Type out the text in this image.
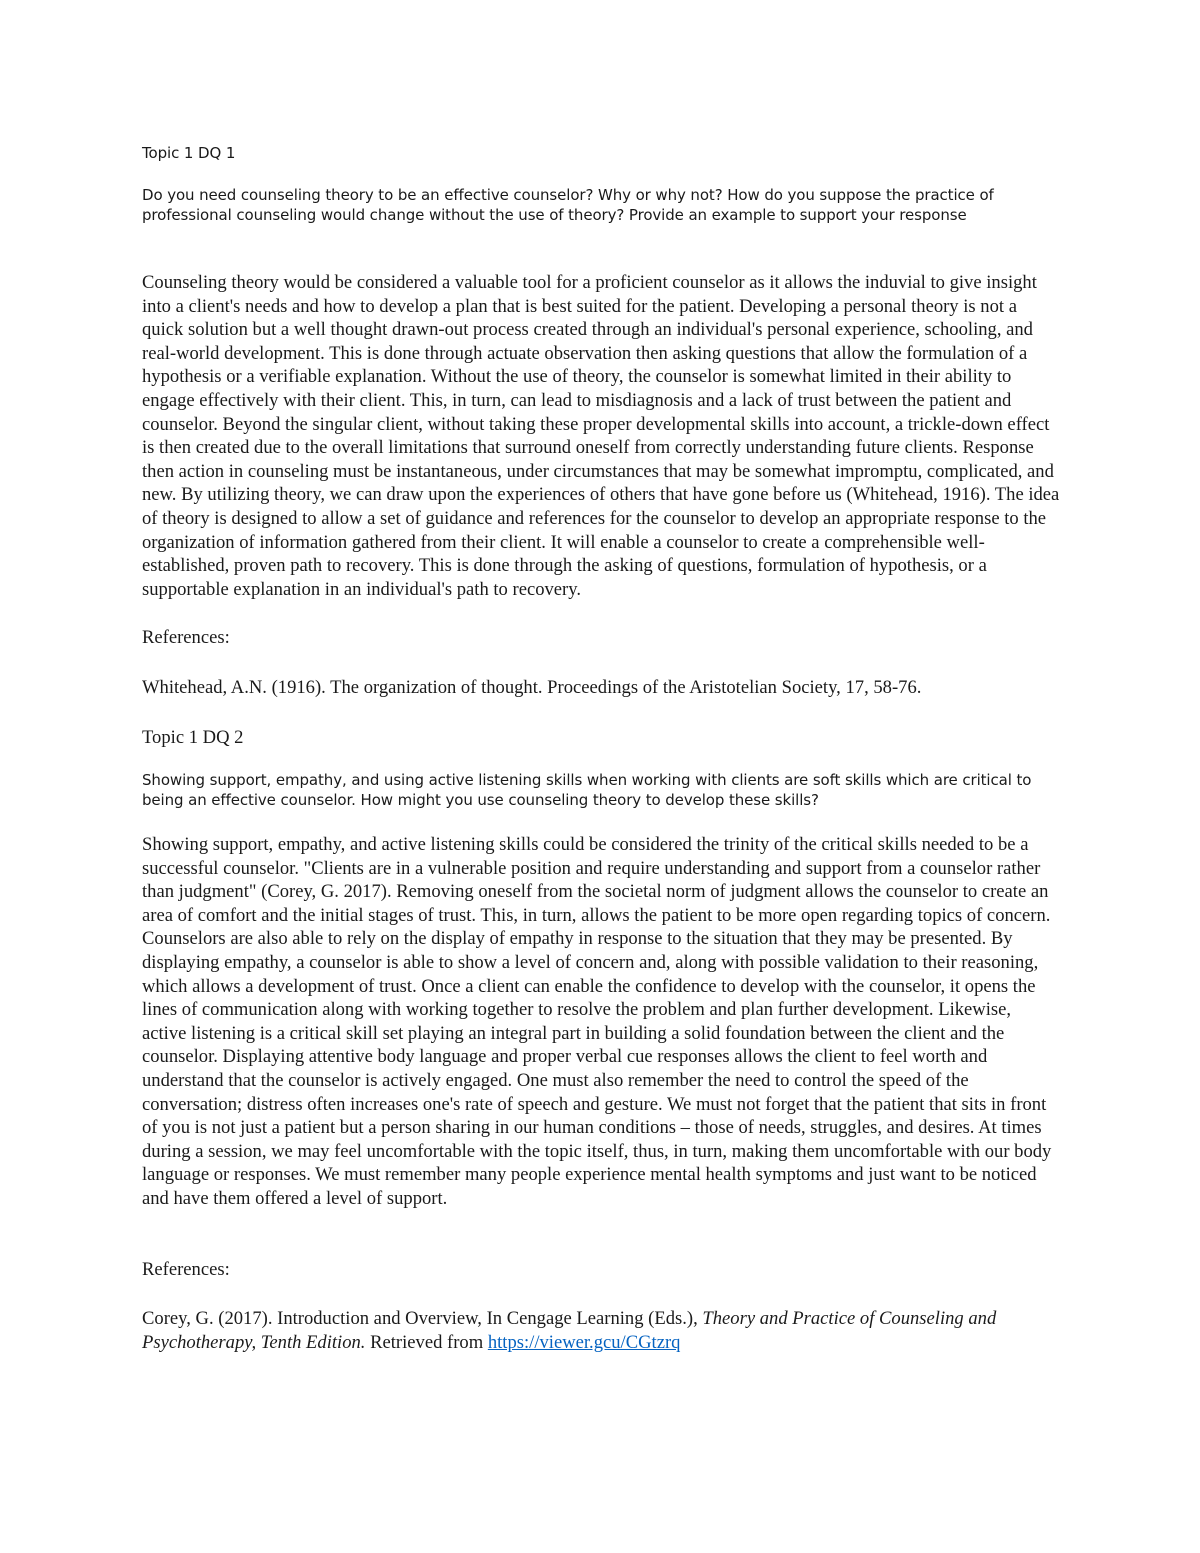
Topic 1 DQ 1

Do you need counseling theory to be an effective counselor? Why or why not? How do you suppose the practice of professional counseling would change without the use of theory? Provide an example to support your response

Counseling theory would be considered a valuable tool for a proficient counselor as it allows the induvial to give insight into a client's needs and how to develop a plan that is best suited for the patient. Developing a personal theory is not a quick solution but a well thought drawn-out process created through an individual's personal experience, schooling, and real-world development. This is done through actuate observation then asking questions that allow the formulation of a hypothesis or a verifiable explanation. Without the use of theory, the counselor is somewhat limited in their ability to engage effectively with their client. This, in turn, can lead to misdiagnosis and a lack of trust between the patient and counselor. Beyond the singular client, without taking these proper developmental skills into account, a trickle-down effect is then created due to the overall limitations that surround oneself from correctly understanding future clients. Response then action in counseling must be instantaneous, under circumstances that may be somewhat impromptu, complicated, and new. By utilizing theory, we can draw upon the experiences of others that have gone before us (Whitehead, 1916). The idea of theory is designed to allow a set of guidance and references for the counselor to develop an appropriate response to the organization of information gathered from their client. It will enable a counselor to create a comprehensible well-established, proven path to recovery. This is done through the asking of questions, formulation of hypothesis, or a supportable explanation in an individual's path to recovery.

References:

Whitehead, A.N. (1916). The organization of thought. Proceedings of the Aristotelian Society, 17, 58-76.

Topic 1 DQ 2

Showing support, empathy, and using active listening skills when working with clients are soft skills which are critical to being an effective counselor. How might you use counseling theory to develop these skills?

Showing support, empathy, and active listening skills could be considered the trinity of the critical skills needed to be a successful counselor. "Clients are in a vulnerable position and require understanding and support from a counselor rather than judgment" (Corey, G. 2017). Removing oneself from the societal norm of judgment allows the counselor to create an area of comfort and the initial stages of trust. This, in turn, allows the patient to be more open regarding topics of concern. Counselors are also able to rely on the display of empathy in response to the situation that they may be presented. By displaying empathy, a counselor is able to show a level of concern and, along with possible validation to their reasoning, which allows a development of trust. Once a client can enable the confidence to develop with the counselor, it opens the lines of communication along with working together to resolve the problem and plan further development. Likewise, active listening is a critical skill set playing an integral part in building a solid foundation between the client and the counselor. Displaying attentive body language and proper verbal cue responses allows the client to feel worth and understand that the counselor is actively engaged. One must also remember the need to control the speed of the conversation; distress often increases one's rate of speech and gesture. We must not forget that the patient that sits in front of you is not just a patient but a person sharing in our human conditions – those of needs, struggles, and desires. At times during a session, we may feel uncomfortable with the topic itself, thus, in turn, making them uncomfortable with our body language or responses. We must remember many people experience mental health symptoms and just want to be noticed and have them offered a level of support.

References:

Corey, G. (2017). Introduction and Overview, In Cengage Learning (Eds.), Theory and Practice of Counseling and Psychotherapy, Tenth Edition. Retrieved from https://viewer.gcu/CGtzrq
